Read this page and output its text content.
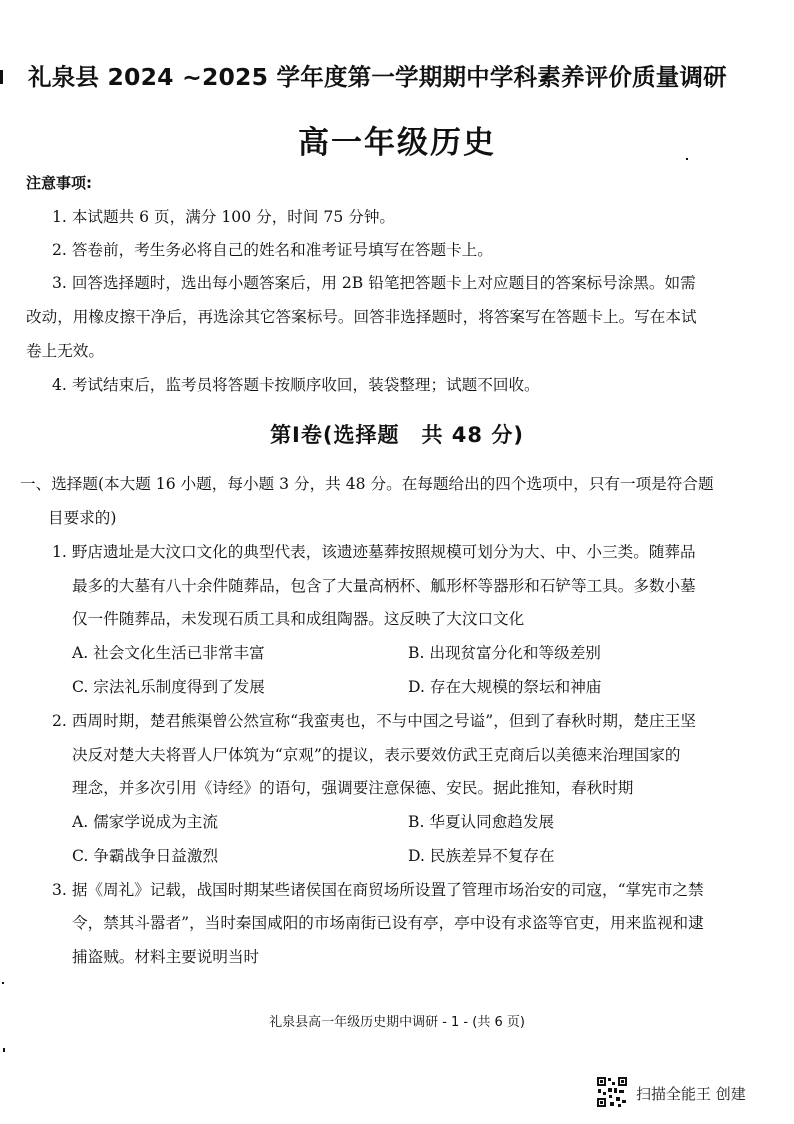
礼泉县 2024 ~2025 学年度第一学期期中学科素养评价质量调研
高一年级历史
注意事项:
1. 本试题共 6 页，满分 100 分，时间 75 分钟。
2. 答卷前，考生务必将自己的姓名和准考证号填写在答题卡上。
3. 回答选择题时，选出每小题答案后，用 2B 铅笔把答题卡上对应题目的答案标号涂黑。如需
改动，用橡皮擦干净后，再选涂其它答案标号。回答非选择题时，将答案写在答题卡上。写在本试
卷上无效。
4. 考试结束后，监考员将答题卡按顺序收回，装袋整理；试题不回收。
第Ⅰ卷(选择题　共 48 分)
一、选择题(本大题 16 小题，每小题 3 分，共 48 分。在每题给出的四个选项中，只有一项是符合题
目要求的)
1. 野店遗址是大汶口文化的典型代表，该遗迹墓葬按照规模可划分为大、中、小三类。随葬品
最多的大墓有八十余件随葬品，包含了大量高柄杯、觚形杯等器形和石铲等工具。多数小墓
仅一件随葬品，未发现石质工具和成组陶器。这反映了大汶口文化
A. 社会文化生活已非常丰富	B. 出现贫富分化和等级差别
C. 宗法礼乐制度得到了发展	D. 存在大规模的祭坛和神庙
2. 西周时期，楚君熊渠曾公然宣称“我蛮夷也，不与中国之号谥”，但到了春秋时期，楚庄王坚
决反对楚大夫将晋人尸体筑为“京观”的提议，表示要效仿武王克商后以美德来治理国家的
理念，并多次引用《诗经》的语句，强调要注意保德、安民。据此推知，春秋时期
A. 儒家学说成为主流	B. 华夏认同愈趋发展
C. 争霸战争日益激烈	D. 民族差异不复存在
3. 据《周礼》记载，战国时期某些诸侯国在商贸场所设置了管理市场治安的司寇，“掌宪市之禁
令，禁其斗嚣者”，当时秦国咸阳的市场南街已设有亭，亭中设有求盗等官吏，用来监视和逮
捕盗贼。材料主要说明当时
礼泉县高一年级历史期中调研 - 1 - (共 6 页)
扫描全能王 创建
